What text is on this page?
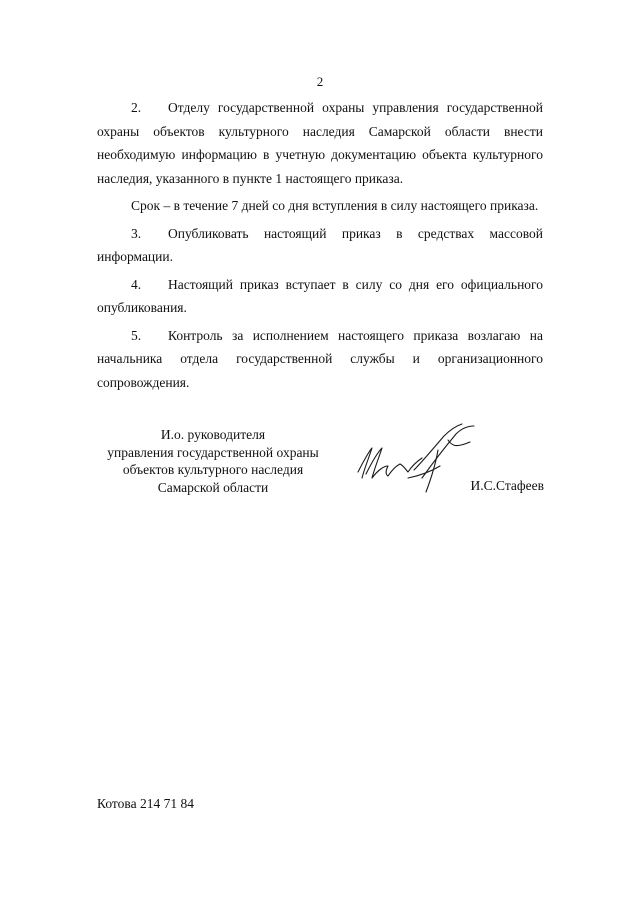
2

2. Отделу государственной охраны управления государственной охраны объектов культурного наследия Самарской области внести необходимую информацию в учетную документацию объекта культурного наследия, указанного в пункте 1 настоящего приказа.

Срок – в течение 7 дней со дня вступления в силу настоящего приказа.

3. Опубликовать настоящий приказ в средствах массовой информации.

4. Настоящий приказ вступает в силу со дня его официального опубликования.

5. Контроль за исполнением настоящего приказа возлагаю на начальника отдела государственной службы и организационного сопровождения.

И.о. руководителя
управления государственной охраны
объектов культурного наследия
Самарской области	И.С.Стафеев
Котова 214 71 84
